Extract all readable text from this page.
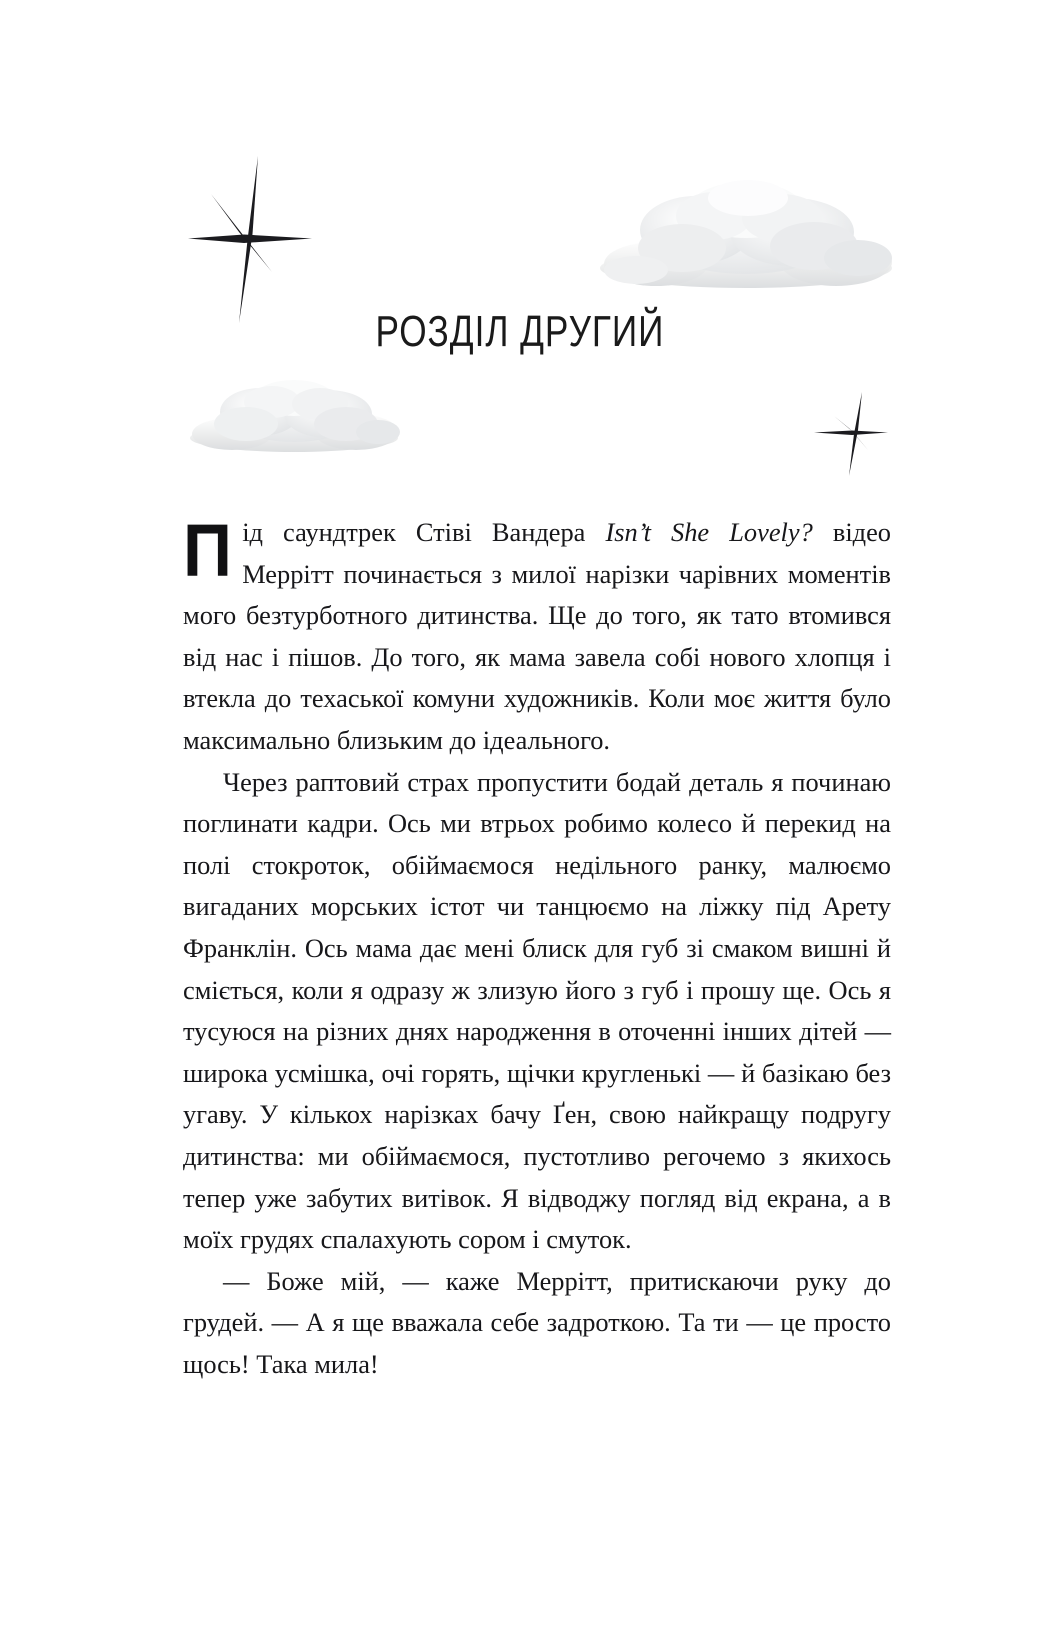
РОЗДІЛ ДРУГИЙ

Під саундтрек Стіві Вандера Isn’t She Lovely? відео Меррітт починається з милої нарізки чарівних моментів мого безтурботного дитинства. Ще до того, як тато втомився від нас і пішов. До того, як мама завела собі нового хлопця і втекла до техаської комуни художників. Коли моє життя було максимально близьким до ідеального.

Через раптовий страх пропустити бодай деталь я починаю поглинати кадри. Ось ми втрьох робимо колесо й перекид на полі стокроток, обіймаємося недільного ранку, малюємо вигаданих морських істот чи танцюємо на ліжку під Арету Франклін. Ось мама дає мені блиск для губ зі смаком вишні й сміється, коли я одразу ж злизую його з губ і прошу ще. Ось я тусуюся на різних днях народження в оточенні інших дітей — широка усмішка, очі горять, щічки кругленькі — й базікаю без угаву. У кількох нарізках бачу Ґен, свою найкращу подругу дитинства: ми обіймаємося, пустотливо регочемо з якихось тепер уже забутих витівок. Я відводжу погляд від екрана, а в моїх грудях спалахують сором і смуток.

— Боже мій, — каже Меррітт, притискаючи руку до грудей. — А я ще вважала себе задроткою. Та ти — це просто щось! Така мила!
